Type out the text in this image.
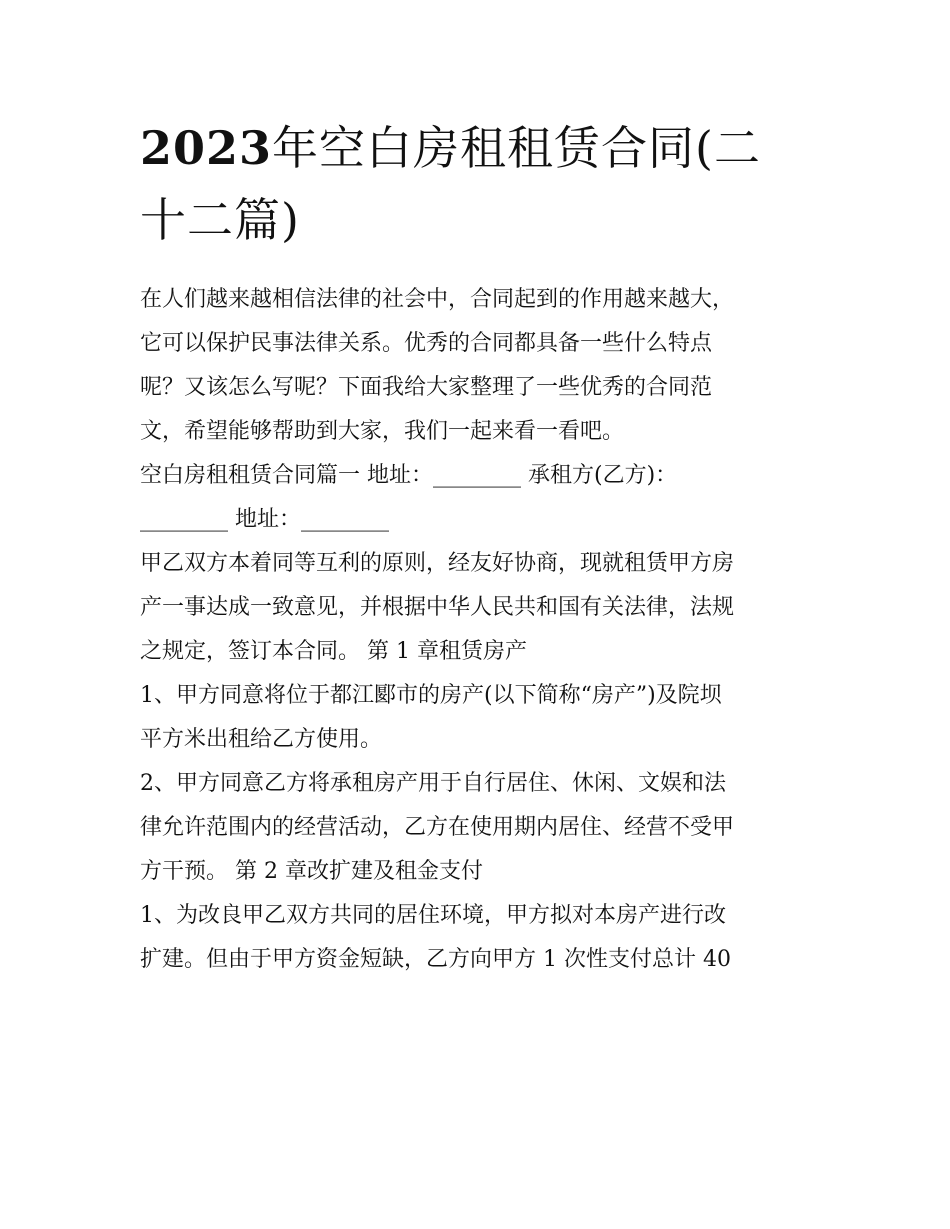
2023年空白房租租赁合同(二
十二篇)

在人们越来越相信法律的社会中，合同起到的作用越来越大，

它可以保护民事法律关系。优秀的合同都具备一些什么特点

呢？又该怎么写呢？下面我给大家整理了一些优秀的合同范

文，希望能够帮助到大家，我们一起来看一看吧。

空白房租租赁合同篇一 地址：________ 承租方(乙方)：

________ 地址：________

甲乙双方本着同等互利的原则，经友好协商，现就租赁甲方房

产一事达成一致意见，并根据中华人民共和国有关法律，法规

之规定，签订本合同。 第 1 章租赁房产

1、甲方同意将位于都江郾市的房产(以下简称“房产”)及院坝

平方米出租给乙方使用。

2、甲方同意乙方将承租房产用于自行居住、休闲、文娱和法

律允许范围内的经营活动，乙方在使用期内居住、经营不受甲

方干预。 第 2 章改扩建及租金支付

1、为改良甲乙双方共同的居住环境，甲方拟对本房产进行改

扩建。但由于甲方资金短缺，乙方向甲方 1 次性支付总计 40
